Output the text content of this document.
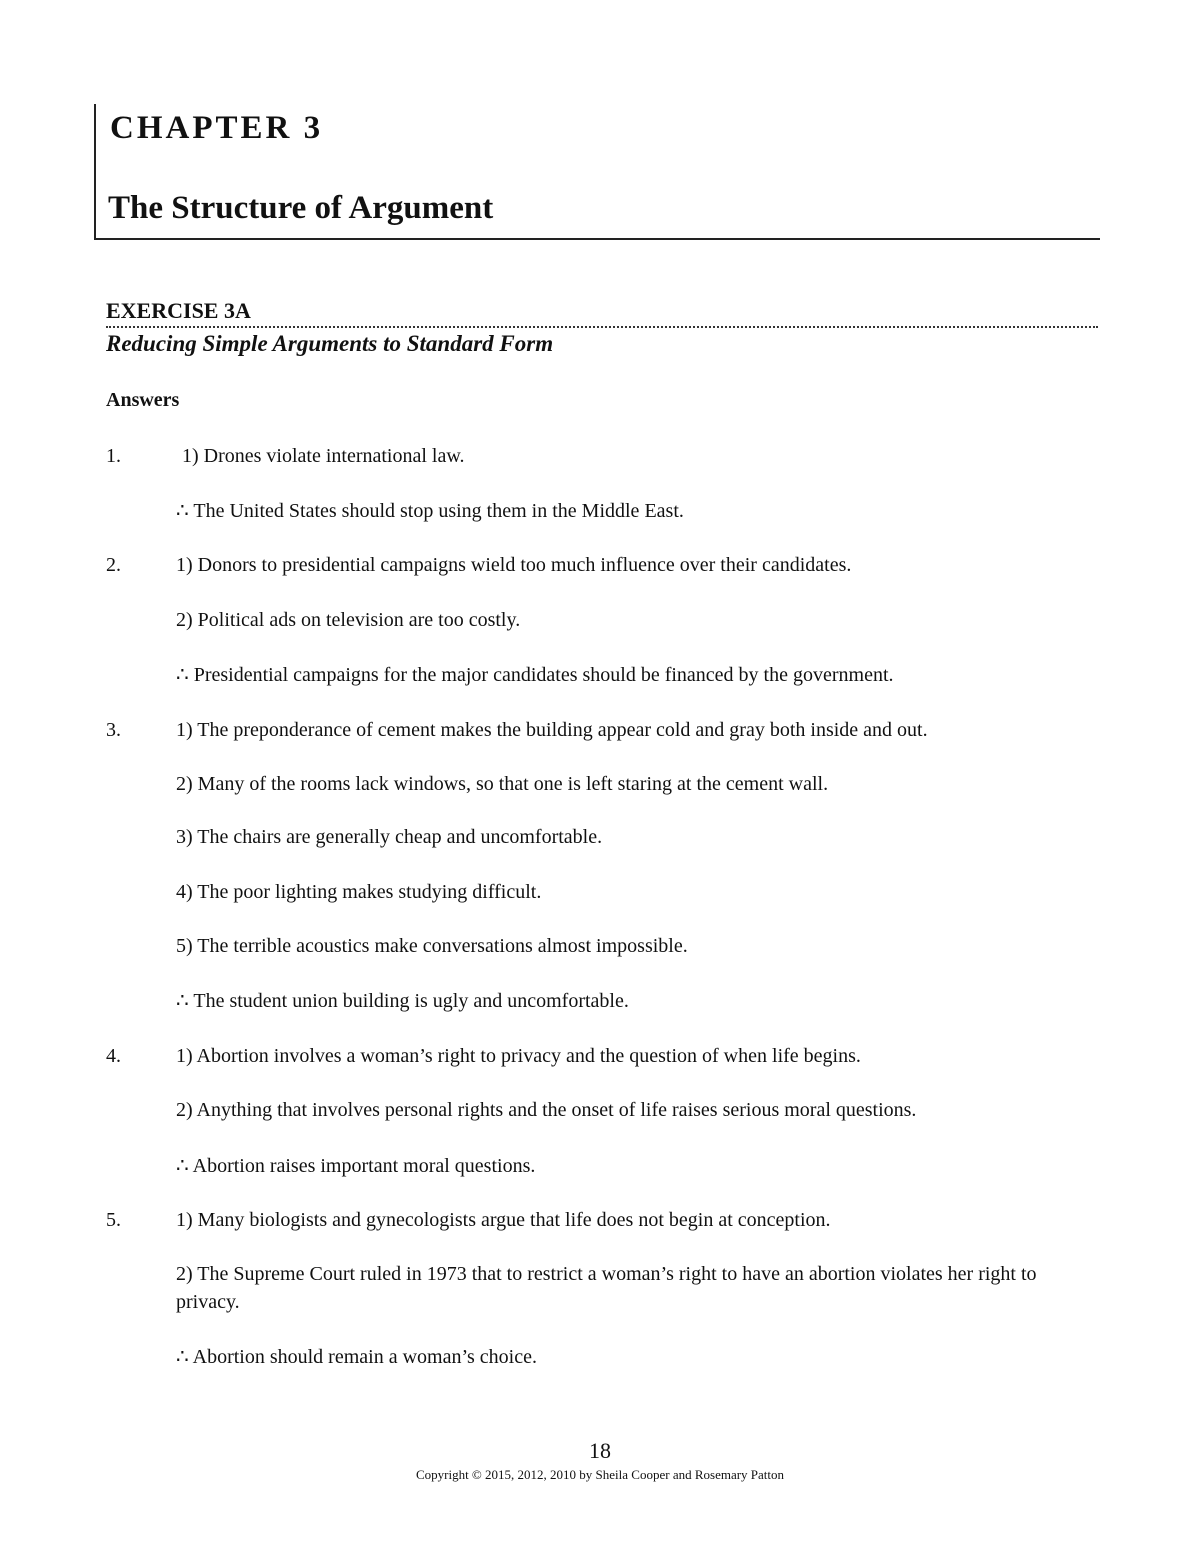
CHAPTER 3
The Structure of Argument
EXERCISE 3A
Reducing Simple Arguments to Standard Form
Answers
1.	1) Drones violate international law.
∴ The United States should stop using them in the Middle East.
2.	1) Donors to presidential campaigns wield too much influence over their candidates.
2) Political ads on television are too costly.
∴ Presidential campaigns for the major candidates should be financed by the government.
3.	1) The preponderance of cement makes the building appear cold and gray both inside and out.
2) Many of the rooms lack windows, so that one is left staring at the cement wall.
3) The chairs are generally cheap and uncomfortable.
4) The poor lighting makes studying difficult.
5) The terrible acoustics make conversations almost impossible.
∴ The student union building is ugly and uncomfortable.
4.	1) Abortion involves a woman’s right to privacy and the question of when life begins.
2) Anything that involves personal rights and the onset of life raises serious moral questions.
∴ Abortion raises important moral questions.
5.	1) Many biologists and gynecologists argue that life does not begin at conception.
2) The Supreme Court ruled in 1973 that to restrict a woman’s right to have an abortion violates her right to privacy.
∴ Abortion should remain a woman’s choice.
18
Copyright © 2015, 2012, 2010 by Sheila Cooper and Rosemary Patton
